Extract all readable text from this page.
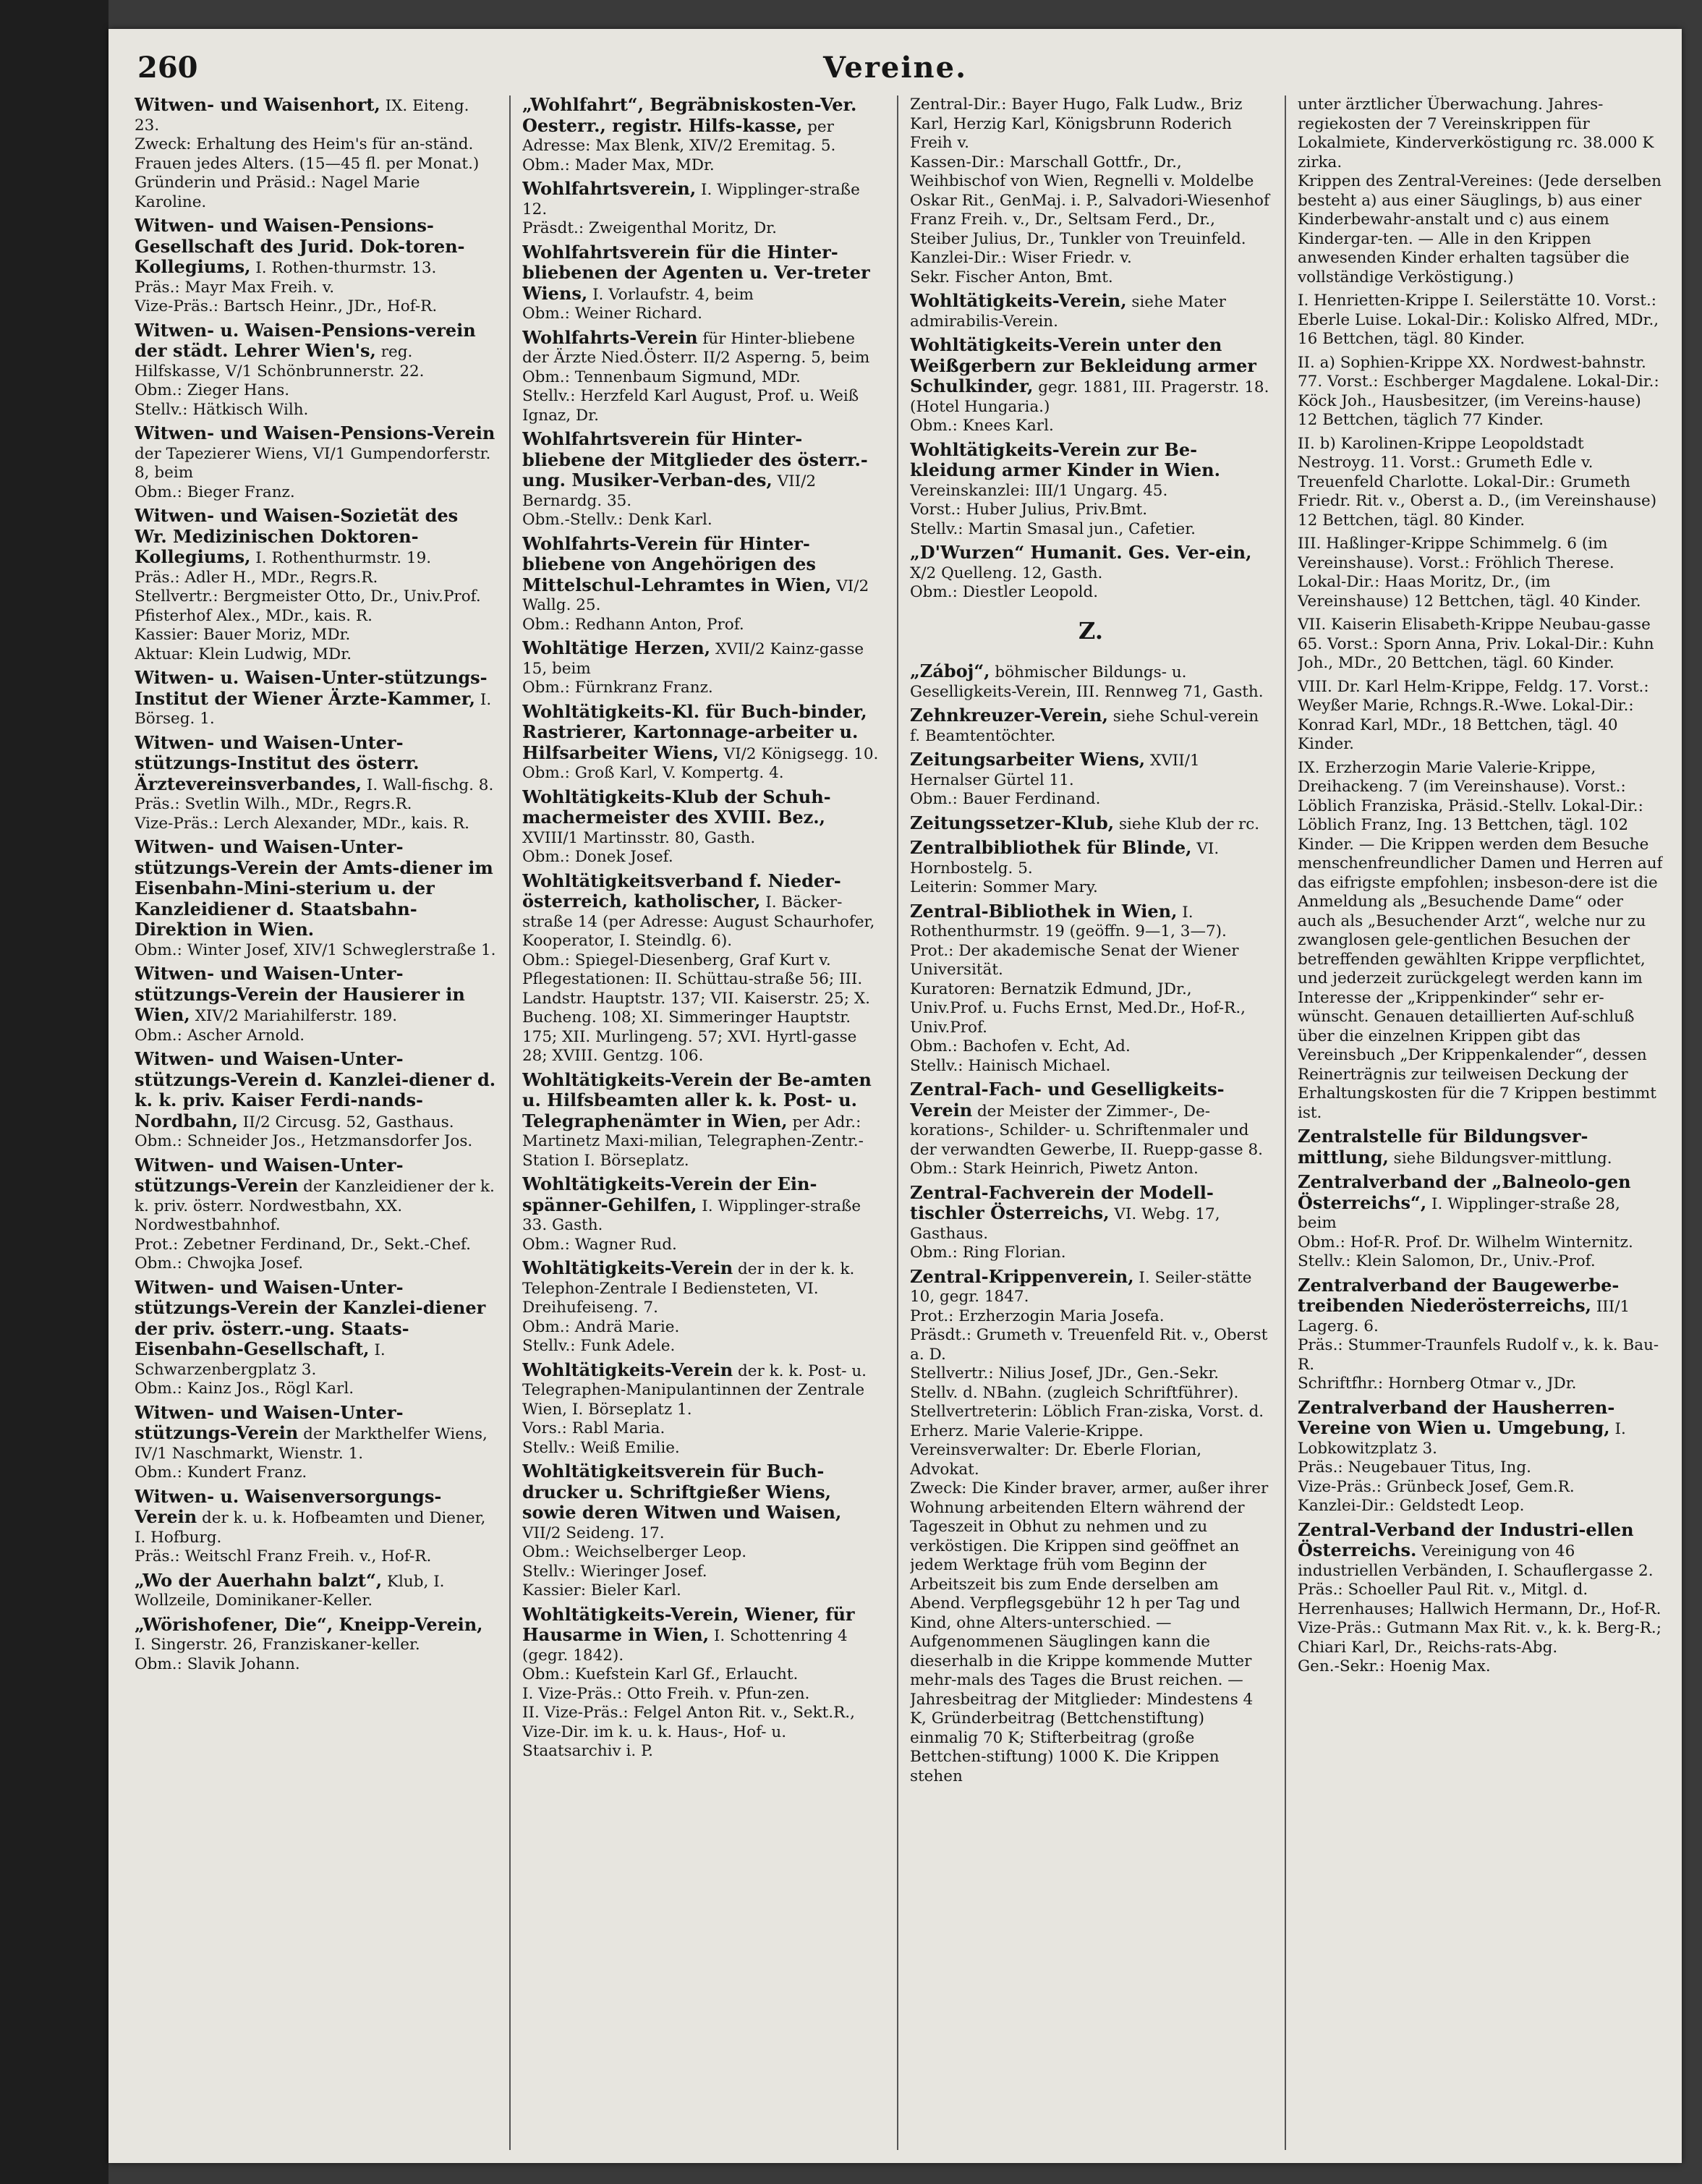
260	Vereine.
Witwen- und Waisenhort, IX. Eiteng. 23.
Zweck: Erhaltung des Heim's für an-ständ. Frauen jedes Alters. (15—45 fl. per Monat.)
Gründerin und Präsid.: Nagel Marie Karoline.
Witwen- und Waisen-Pensions-Gesellschaft des Jurid. Dok-toren-Kollegiums, I. Rothen-thurmstr. 13.
Präs.: Mayr Max Freih. v.
Vize-Präs.: Bartsch Heinr., JDr., Hof-R.
Witwen- u. Waisen-Pensions-verein der städt. Lehrer Wien's, reg. Hilfskasse, V/1 Schönbrunnerstr. 22.
Obm.: Zieger Hans.
Stellv.: Hätkisch Wilh.
Witwen- und Waisen-Pensions-Verein der Tapezierer Wiens, VI/1 Gumpendorferstr. 8, beim
Obm.: Bieger Franz.
Witwen- und Waisen-Sozietät des Wr. Medizinischen Doktoren-Kollegiums, I. Rothenthurmstr. 19.
Präs.: Adler H., MDr., Regrs.R.
Stellvertr.: Bergmeister Otto, Dr., Univ.Prof. Pfisterhof Alex., MDr., kais. R.
Kassier: Bauer Moriz, MDr.
Aktuar: Klein Ludwig, MDr.
Witwen- u. Waisen-Unter-stützungs-Institut der Wiener Ärzte-Kammer, I. Börseg. 1.
Witwen- und Waisen-Unter-stützungs-Institut des österr. Ärztevereinsverbandes, I. Wall-fischg. 8.
Präs.: Svetlin Wilh., MDr., Regrs.R.
Vize-Präs.: Lerch Alexander, MDr., kais. R.
Witwen- und Waisen-Unter-stützungs-Verein der Amts-diener im Eisenbahn-Mini-sterium u. der Kanzleidiener d. Staatsbahn-Direktion in Wien.
Obm.: Winter Josef, XIV/1 Schweglerstraße 1.
Witwen- und Waisen-Unter-stützungs-Verein der Hausierer in Wien, XIV/2 Mariahilferstr. 189.
Obm.: Ascher Arnold.
Witwen- und Waisen-Unter-stützungs-Verein d. Kanzlei-diener d. k. k. priv. Kaiser Ferdi-nands-Nordbahn, II/2 Circusg. 52, Gasthaus.
Obm.: Schneider Jos., Hetzmansdorfer Jos.
Witwen- und Waisen-Unter-stützungs-Verein der Kanzleidiener der k. k. priv. österr. Nordwestbahn, XX. Nordwestbahnhof.
Prot.: Zebetner Ferdinand, Dr., Sekt.-Chef.
Obm.: Chwojka Josef.
Witwen- und Waisen-Unter-stützungs-Verein der Kanzlei-diener der priv. österr.-ung. Staats-Eisenbahn-Gesellschaft, I. Schwarzenbergplatz 3.
Obm.: Kainz Jos., Rögl Karl.
Witwen- und Waisen-Unter-stützungs-Verein der Markthelfer Wiens, IV/1 Naschmarkt, Wienstr. 1.
Obm.: Kundert Franz.
Witwen- u. Waisenversorgungs-Verein der k. u. k. Hofbeamten und Diener, I. Hofburg.
Präs.: Weitschl Franz Freih. v., Hof-R.
„Wo der Auerhahn balzt“, Klub, I. Wollzeile, Dominikaner-Keller.
„Wörishofener, Die“, Kneipp-Verein, I. Singerstr. 26, Franziskaner-keller.
Obm.: Slavik Johann.
„Wohlfahrt“, Begräbniskosten-Ver. Oesterr., registr. Hilfs-kasse, per Adresse: Max Blenk, XIV/2 Eremitag. 5.
Obm.: Mader Max, MDr.
Wohlfahrtsverein, I. Wipplinger-straße 12.
Präsdt.: Zweigenthal Moritz, Dr.
Wohlfahrtsverein für die Hinter-bliebenen der Agenten u. Ver-treter Wiens, I. Vorlaufstr. 4, beim
Obm.: Weiner Richard.
Wohlfahrts-Verein für Hinter-bliebene der Ärzte Nied.Österr. II/2 Asperng. 5, beim
Obm.: Tennenbaum Sigmund, MDr.
Stellv.: Herzfeld Karl August, Prof. u. Weiß Ignaz, Dr.
Wohlfahrtsverein für Hinter-bliebene der Mitglieder des österr.-ung. Musiker-Verban-des, VII/2 Bernardg. 35.
Obm.-Stellv.: Denk Karl.
Wohlfahrts-Verein für Hinter-bliebene von Angehörigen des Mittelschul-Lehramtes in Wien, VI/2 Wallg. 25.
Obm.: Redhann Anton, Prof.
Wohltätige Herzen, XVII/2 Kainz-gasse 15, beim
Obm.: Fürnkranz Franz.
Wohltätigkeits-Kl. für Buch-binder, Rastrierer, Kartonnage-arbeiter u. Hilfsarbeiter Wiens, VI/2 Königsegg. 10.
Obm.: Groß Karl, V. Kompertg. 4.
Wohltätigkeits-Klub der Schuh-machermeister des XVIII. Bez., XVIII/1 Martinsstr. 80, Gasth.
Obm.: Donek Josef.
Wohltätigkeitsverband f. Nieder-österreich, katholischer, I. Bäcker-straße 14 (per Adresse: August Schaurhofer, Kooperator, I. Steindlg. 6).
Obm.: Spiegel-Diesenberg, Graf Kurt v.
Pflegestationen: II. Schüttau-straße 56; III. Landstr. Hauptstr. 137; VII. Kaiserstr. 25; X. Bucheng. 108; XI. Simmeringer Hauptstr. 175; XII. Murlingeng. 57; XVI. Hyrtl-gasse 28; XVIII. Gentzg. 106.
Wohltätigkeits-Verein der Be-amten u. Hilfsbeamten aller k. k. Post- u. Telegraphenämter in Wien, per Adr.: Martinetz Maxi-milian, Telegraphen-Zentr.-Station I. Börseplatz.
Wohltätigkeits-Verein der Ein-spänner-Gehilfen, I. Wipplinger-straße 33. Gasth.
Obm.: Wagner Rud.
Wohltätigkeits-Verein der in der k. k. Telephon-Zentrale I Bediensteten, VI. Dreihufeiseng. 7.
Obm.: Andrä Marie.
Stellv.: Funk Adele.
Wohltätigkeits-Verein der k. k. Post- u. Telegraphen-Manipulantinnen der Zentrale Wien, I. Börseplatz 1.
Vors.: Rabl Maria.
Stellv.: Weiß Emilie.
Wohltätigkeitsverein für Buch-drucker u. Schriftgießer Wiens, sowie deren Witwen und Waisen, VII/2 Seideng. 17.
Obm.: Weichselberger Leop.
Stellv.: Wieringer Josef.
Kassier: Bieler Karl.
Wohltätigkeits-Verein, Wiener, für Hausarme in Wien, I. Schottenring 4 (gegr. 1842).
Obm.: Kuefstein Karl Gf., Erlaucht.
I. Vize-Präs.: Otto Freih. v. Pfun-zen.
II. Vize-Präs.: Felgel Anton Rit. v., Sekt.R., Vize-Dir. im k. u. k. Haus-, Hof- u. Staatsarchiv i. P.
Zentral-Dir.: Bayer Hugo, Falk Ludw., Briz Karl, Herzig Karl, Königsbrunn Roderich Freih v.
Kassen-Dir.: Marschall Gottfr., Dr., Weihbischof von Wien, Regnelli v. Moldelbe Oskar Rit., GenMaj. i. P., Salvadori-Wiesenhof Franz Freih. v., Dr., Seltsam Ferd., Dr., Steiber Julius, Dr., Tunkler von Treuinfeld.
Kanzlei-Dir.: Wiser Friedr. v.
Sekr. Fischer Anton, Bmt.
Wohltätigkeits-Verein, siehe Mater admirabilis-Verein.
Wohltätigkeits-Verein unter den Weißgerbern zur Bekleidung armer Schulkinder, gegr. 1881, III. Pragerstr. 18. (Hotel Hungaria.)
Obm.: Knees Karl.
Wohltätigkeits-Verein zur Be-kleidung armer Kinder in Wien. Vereinskanzlei: III/1 Ungarg. 45.
Vorst.: Huber Julius, Priv.Bmt.
Stellv.: Martin Smasal jun., Cafetier.
„D'Wurzen“ Humanit. Ges. Ver-ein, X/2 Quelleng. 12, Gasth.
Obm.: Diestler Leopold.
Z.
„Záboj“, böhmischer Bildungs- u. Geselligkeits-Verein, III. Rennweg 71, Gasth.
Zehnkreuzer-Verein, siehe Schul-verein f. Beamtentöchter.
Zeitungsarbeiter Wiens, XVII/1 Hernalser Gürtel 11.
Obm.: Bauer Ferdinand.
Zeitungssetzer-Klub, siehe Klub der rc.
Zentralbibliothek für Blinde, VI. Hornbostelg. 5.
Leiterin: Sommer Mary.
Zentral-Bibliothek in Wien, I. Rothenthurmstr. 19 (geöffn. 9—1, 3—7).
Prot.: Der akademische Senat der Wiener Universität.
Kuratoren: Bernatzik Edmund, JDr., Univ.Prof. u. Fuchs Ernst, Med.Dr., Hof-R., Univ.Prof.
Obm.: Bachofen v. Echt, Ad.
Stellv.: Hainisch Michael.
Zentral-Fach- und Geselligkeits-Verein der Meister der Zimmer-, De-korations-, Schilder- u. Schriftenmaler und der verwandten Gewerbe, II. Ruepp-gasse 8.
Obm.: Stark Heinrich, Piwetz Anton.
Zentral-Fachverein der Modell-tischler Österreichs, VI. Webg. 17, Gasthaus.
Obm.: Ring Florian.
Zentral-Krippenverein, I. Seiler-stätte 10, gegr. 1847.
Prot.: Erzherzogin Maria Josefa.
Präsdt.: Grumeth v. Treuenfeld Rit. v., Oberst a. D.
Stellvertr.: Nilius Josef, JDr., Gen.-Sekr. Stellv. d. NBahn. (zugleich Schriftführer).
Stellvertreterin: Löblich Fran-ziska, Vorst. d. Erherz. Marie Valerie-Krippe.
Vereinsverwalter: Dr. Eberle Florian, Advokat.
Zweck: Die Kinder braver, armer, außer ihrer Wohnung arbeitenden Eltern während der Tageszeit in Obhut zu nehmen und zu verköstigen. Die Krippen sind geöffnet an jedem Werktage früh vom Beginn der Arbeitszeit bis zum Ende derselben am Abend. Verpflegsgebühr 12 h per Tag und Kind, ohne Alters-unterschied. — Aufgenommenen Säuglingen kann die dieserhalb in die Krippe kommende Mutter mehr-mals des Tages die Brust reichen. — Jahresbeitrag der Mitglieder: Mindestens 4 K, Gründerbeitrag (Bettchenstiftung) einmalig 70 K; Stifterbeitrag (große Bettchen-stiftung) 1000 K. Die Krippen stehen
unter ärztlicher Überwachung. Jahres-regiekosten der 7 Vereinskrippen für Lokalmiete, Kinderverköstigung rc. 38.000 K zirka.
Krippen des Zentral-Vereines: (Jede derselben besteht a) aus einer Säuglings, b) aus einer Kinderbewahr-anstalt und c) aus einem Kindergar-ten. — Alle in den Krippen anwesenden Kinder erhalten tagsüber die vollständige Verköstigung.)
I. Henrietten-Krippe I. Seilerstätte 10. Vorst.: Eberle Luise. Lokal-Dir.: Kolisko Alfred, MDr., 16 Bettchen, tägl. 80 Kinder.
II. a) Sophien-Krippe XX. Nordwest-bahnstr. 77. Vorst.: Eschberger Magdalene. Lokal-Dir.: Köck Joh., Hausbesitzer, (im Vereins-hause) 12 Bettchen, täglich 77 Kinder.
II. b) Karolinen-Krippe Leopoldstadt Nestroyg. 11. Vorst.: Grumeth Edle v. Treuenfeld Charlotte. Lokal-Dir.: Grumeth Friedr. Rit. v., Oberst a. D., (im Vereinshause) 12 Bettchen, tägl. 80 Kinder.
III. Haßlinger-Krippe Schimmelg. 6 (im Vereinshause). Vorst.: Fröhlich Therese. Lokal-Dir.: Haas Moritz, Dr., (im Vereinshause) 12 Bettchen, tägl. 40 Kinder.
VII. Kaiserin Elisabeth-Krippe Neubau-gasse 65. Vorst.: Sporn Anna, Priv. Lokal-Dir.: Kuhn Joh., MDr., 20 Bettchen, tägl. 60 Kinder.
VIII. Dr. Karl Helm-Krippe, Feldg. 17. Vorst.: Weyßer Marie, Rchngs.R.-Wwe. Lokal-Dir.: Konrad Karl, MDr., 18 Bettchen, tägl. 40 Kinder.
IX. Erzherzogin Marie Valerie-Krippe, Dreihackeng. 7 (im Vereinshause). Vorst.: Löblich Franziska, Präsid.-Stellv. Lokal-Dir.: Löblich Franz, Ing. 13 Bettchen, tägl. 102 Kinder. — Die Krippen werden dem Besuche menschenfreundlicher Damen und Herren auf das eifrigste empfohlen; insbeson-dere ist die Anmeldung als „Besuchende Dame“ oder auch als „Besuchender Arzt“, welche nur zu zwanglosen gele-gentlichen Besuchen der betreffenden gewählten Krippe verpflichtet, und jederzeit zurückgelegt werden kann im Interesse der „Krippenkinder“ sehr er-wünscht. Genauen detaillierten Auf-schluß über die einzelnen Krippen gibt das Vereinsbuch „Der Krippenkalender“, dessen Reinerträgnis zur teilweisen Deckung der Erhaltungskosten für die 7 Krippen bestimmt ist.
Zentralstelle für Bildungsver-mittlung, siehe Bildungsver-mittlung.
Zentralverband der „Balneolo-gen Österreichs“, I. Wipplinger-straße 28, beim
Obm.: Hof-R. Prof. Dr. Wilhelm Winternitz.
Stellv.: Klein Salomon, Dr., Univ.-Prof.
Zentralverband der Baugewerbe-treibenden Niederösterreichs, III/1 Lagerg. 6.
Präs.: Stummer-Traunfels Rudolf v., k. k. Bau-R.
Schriftfhr.: Hornberg Otmar v., JDr.
Zentralverband der Hausherren-Vereine von Wien u. Umgebung, I. Lobkowitzplatz 3.
Präs.: Neugebauer Titus, Ing.
Vize-Präs.: Grünbeck Josef, Gem.R.
Kanzlei-Dir.: Geldstedt Leop.
Zentral-Verband der Industri-ellen Österreichs. Vereinigung von 46 industriellen Verbänden, I. Schauflergasse 2.
Präs.: Schoeller Paul Rit. v., Mitgl. d. Herrenhauses; Hallwich Hermann, Dr., Hof-R.
Vize-Präs.: Gutmann Max Rit. v., k. k. Berg-R.; Chiari Karl, Dr., Reichs-rats-Abg.
Gen.-Sekr.: Hoenig Max.
